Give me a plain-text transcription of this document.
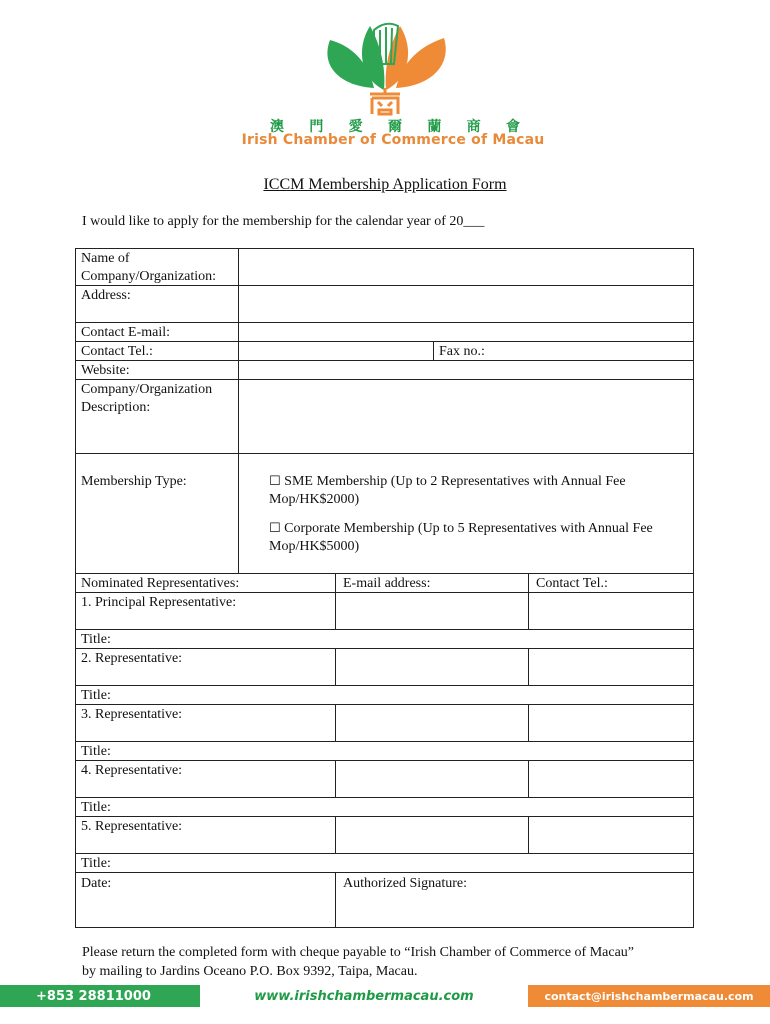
澳 門 愛 爾 蘭 商 會
Irish Chamber of Commerce of Macau
ICCM Membership Application Form
I would like to apply for the membership for the calendar year of 20___
Name of Company/Organization:
Address:
Contact E-mail:
Contact Tel.:	Fax no.:
Website:
Company/Organization Description:
Membership Type:	☐ SME Membership (Up to 2 Representatives with Annual Fee Mop/HK$2000)
☐ Corporate Membership (Up to 5 Representatives with Annual Fee Mop/HK$5000)
Nominated Representatives:	E-mail address:	Contact Tel.:
1. Principal Representative:
Title:
2. Representative:
Title:
3. Representative:
Title:
4. Representative:
Title:
5. Representative:
Title:
Date:	Authorized Signature:
Please return the completed form with cheque payable to “Irish Chamber of Commerce of Macau”
by mailing to Jardins Oceano P.O. Box 9392, Taipa, Macau.
+853 28811000	www.irishchambermacau.com	contact@irishchambermacau.com
